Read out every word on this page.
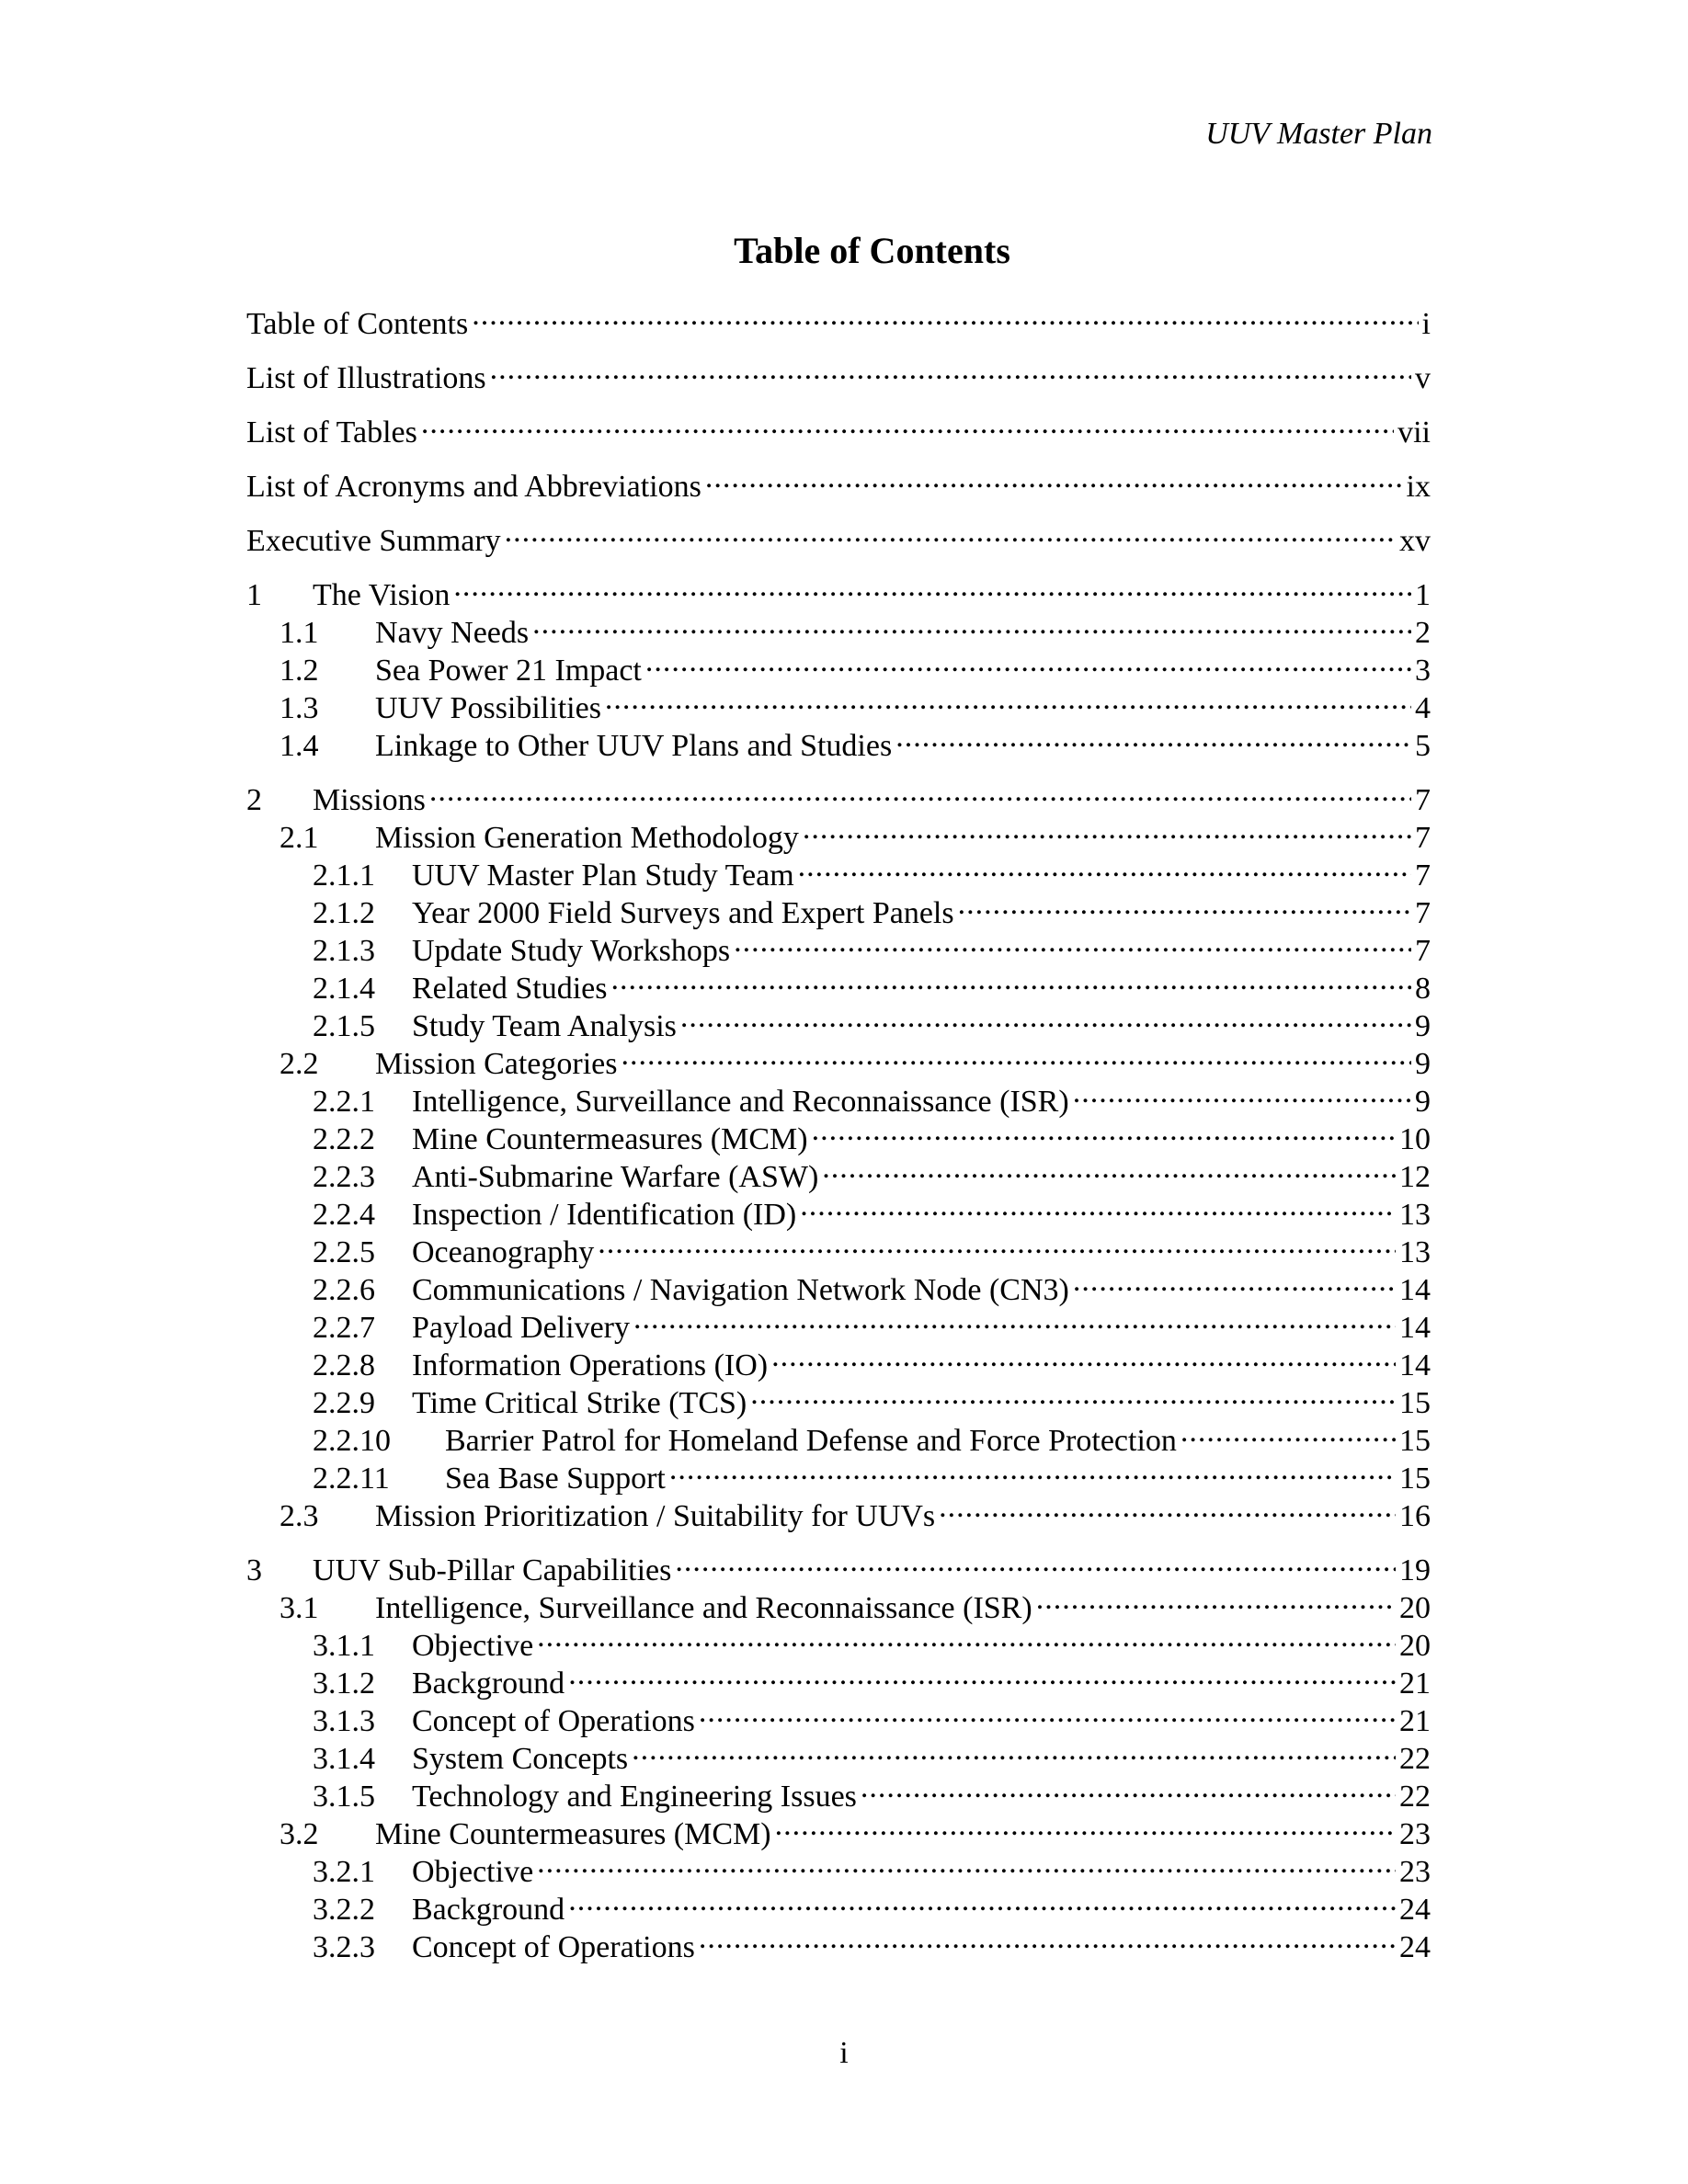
UUV Master Plan
Table of Contents
Table of Contents .....	i
List of Illustrations .....	v
List of Tables .....	vii
List of Acronyms and Abbreviations .....	ix
Executive Summary .....	xv
1	The Vision .....	1
1.1	Navy Needs .....	2
1.2	Sea Power 21 Impact .....	3
1.3	UUV Possibilities .....	4
1.4	Linkage to Other UUV Plans and Studies .....	5
2	Missions .....	7
2.1	Mission Generation Methodology .....	7
2.1.1	UUV Master Plan Study Team .....	7
2.1.2	Year 2000 Field Surveys and Expert Panels .....	7
2.1.3	Update Study Workshops .....	7
2.1.4	Related Studies .....	8
2.1.5	Study Team Analysis .....	9
2.2	Mission Categories .....	9
2.2.1	Intelligence, Surveillance and Reconnaissance (ISR) .....	9
2.2.2	Mine Countermeasures (MCM) .....	10
2.2.3	Anti-Submarine Warfare (ASW) .....	12
2.2.4	Inspection / Identification (ID) .....	13
2.2.5	Oceanography .....	13
2.2.6	Communications / Navigation Network Node (CN3) .....	14
2.2.7	Payload Delivery .....	14
2.2.8	Information Operations (IO) .....	14
2.2.9	Time Critical Strike (TCS) .....	15
2.2.10	Barrier Patrol for Homeland Defense and Force Protection .....	15
2.2.11	Sea Base Support .....	15
2.3	Mission Prioritization / Suitability for UUVs .....	16
3	UUV Sub-Pillar Capabilities .....	19
3.1	Intelligence, Surveillance and Reconnaissance (ISR) .....	20
3.1.1	Objective .....	20
3.1.2	Background .....	21
3.1.3	Concept of Operations .....	21
3.1.4	System Concepts .....	22
3.1.5	Technology and Engineering Issues .....	22
3.2	Mine Countermeasures (MCM) .....	23
3.2.1	Objective .....	23
3.2.2	Background .....	24
3.2.3	Concept of Operations .....	24
i
